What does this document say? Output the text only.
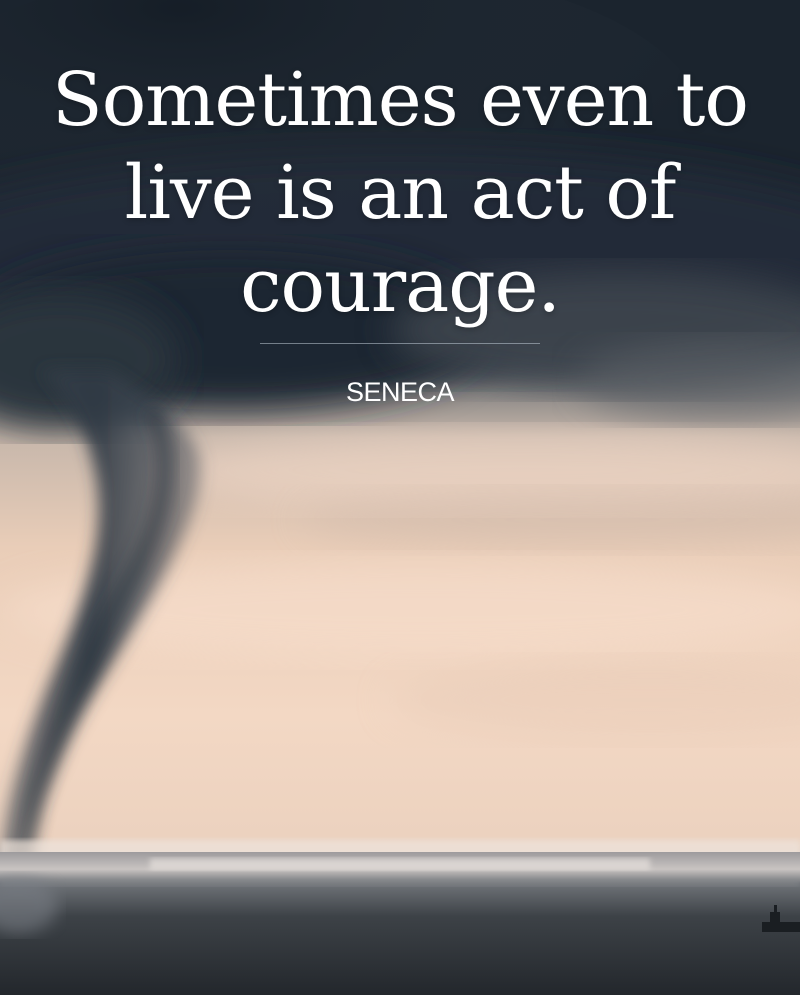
Sometimes even to live is an act of courage.
SENECA
